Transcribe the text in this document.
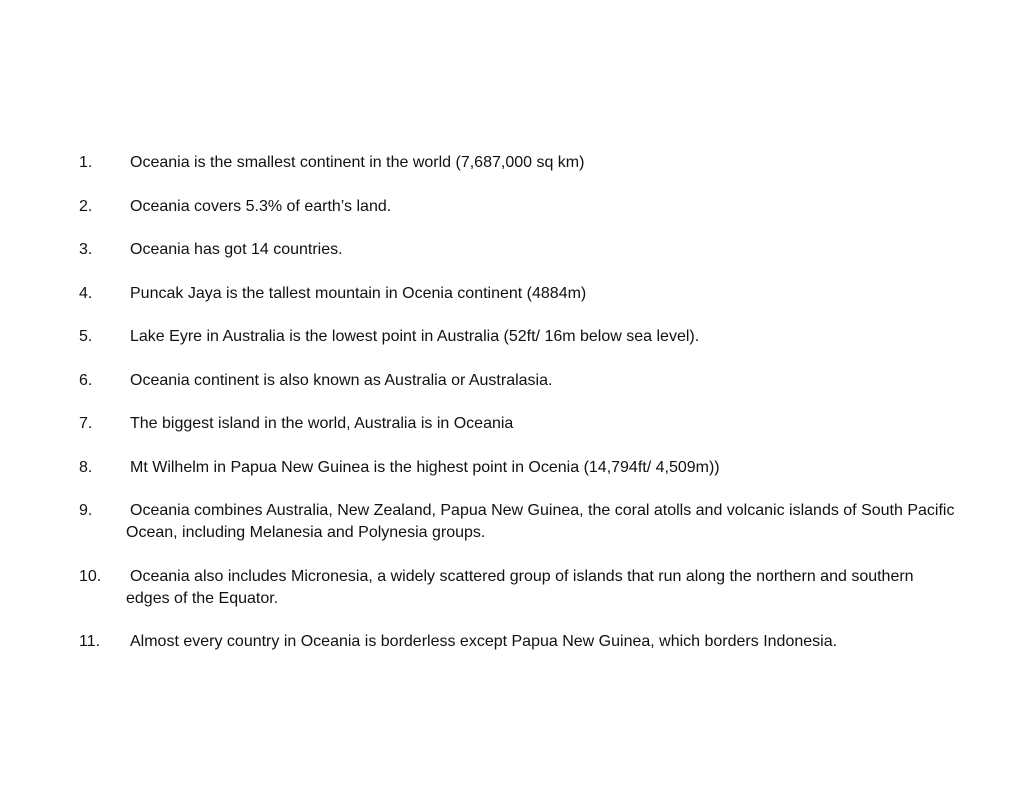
1.	Oceania is the smallest continent in the world (7,687,000 sq km)
2.	Oceania covers 5.3% of earth’s land.
3.	Oceania has got 14 countries.
4.	Puncak Jaya is the tallest mountain in Ocenia continent (4884m)
5.	Lake Eyre in Australia is the lowest point in Australia (52ft/ 16m below sea level).
6.	Oceania continent is also known as Australia or Australasia.
7.	The biggest island in the world, Australia is in Oceania
8.	Mt Wilhelm in Papua New Guinea is the highest point in Ocenia (14,794ft/ 4,509m))
9.	Oceania combines Australia, New Zealand, Papua New Guinea, the coral atolls and volcanic islands of South Pacific Ocean, including Melanesia and Polynesia groups.
10.	Oceania also includes Micronesia, a widely scattered group of islands that run along the northern and southern edges of the Equator.
11.	Almost every country in Oceania is borderless except Papua New Guinea, which borders Indonesia.
